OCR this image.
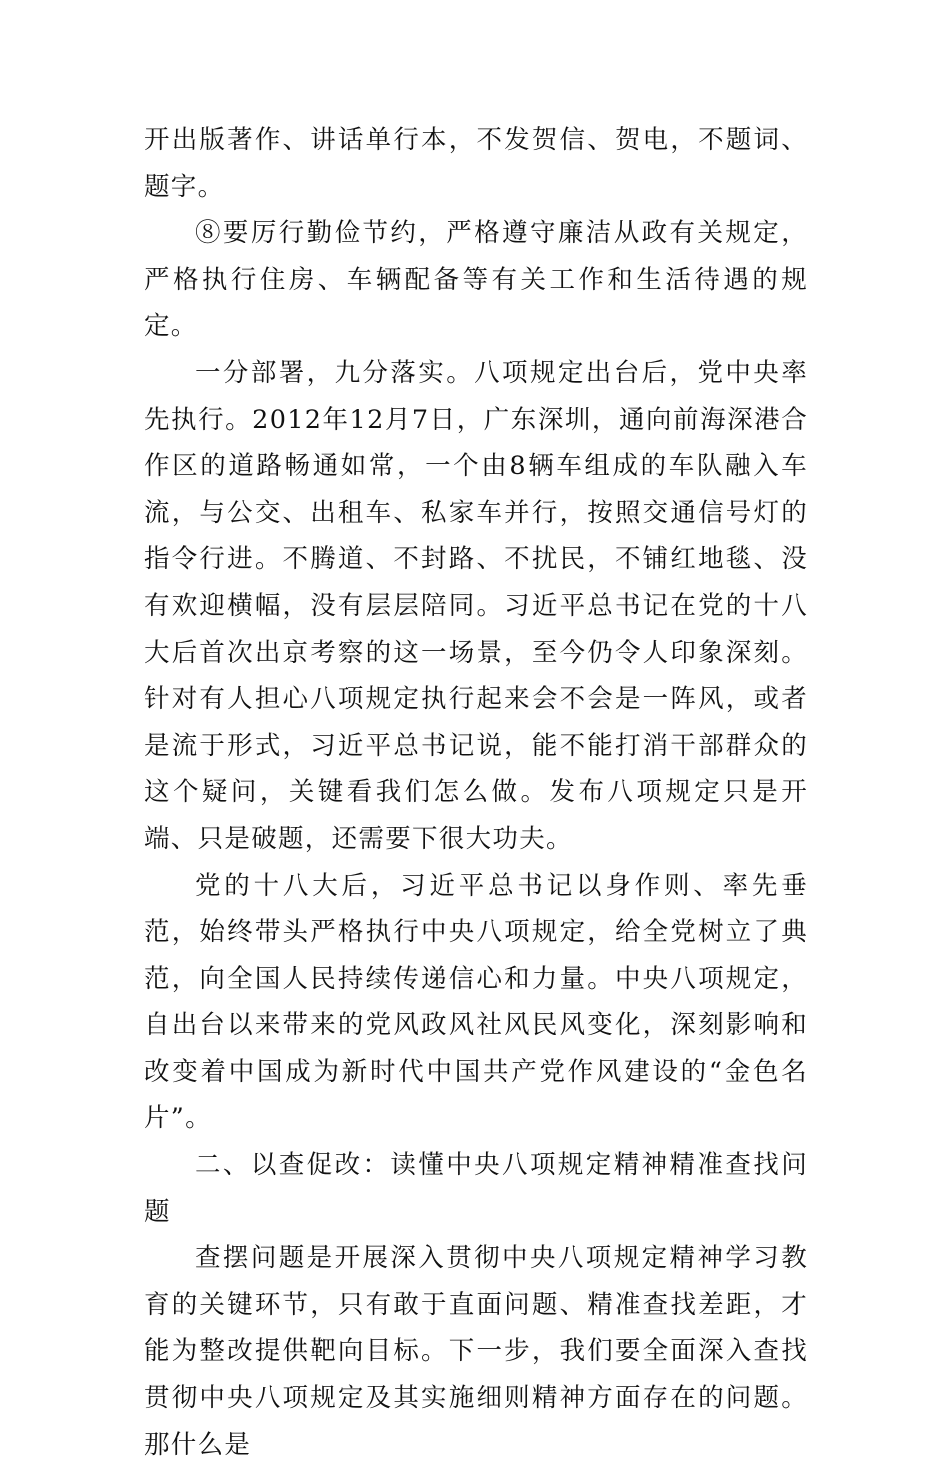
开出版著作、讲话单行本，不发贺信、贺电，不题词、题字。

⑧要厉行勤俭节约，严格遵守廉洁从政有关规定，严格执行住房、车辆配备等有关工作和生活待遇的规定。

一分部署，九分落实。八项规定出台后，党中央率先执行。2012年12月7日，广东深圳，通向前海深港合作区的道路畅通如常，一个由8辆车组成的车队融入车流，与公交、出租车、私家车并行，按照交通信号灯的指令行进。不腾道、不封路、不扰民，不铺红地毯、没有欢迎横幅，没有层层陪同。习近平总书记在党的十八大后首次出京考察的这一场景，至今仍令人印象深刻。针对有人担心八项规定执行起来会不会是一阵风，或者是流于形式，习近平总书记说，能不能打消干部群众的这个疑问，关键看我们怎么做。发布八项规定只是开端、只是破题，还需要下很大功夫。

党的十八大后，习近平总书记以身作则、率先垂范，始终带头严格执行中央八项规定，给全党树立了典范，向全国人民持续传递信心和力量。中央八项规定，自出台以来带来的党风政风社风民风变化，深刻影响和改变着中国成为新时代中国共产党作风建设的“金色名片”。

二、以查促改：读懂中央八项规定精神精准查找问题

查摆问题是开展深入贯彻中央八项规定精神学习教育的关键环节，只有敢于直面问题、精准查找差距，才能为整改提供靶向目标。下一步，我们要全面深入查找贯彻中央八项规定及其实施细则精神方面存在的问题。那什么是
